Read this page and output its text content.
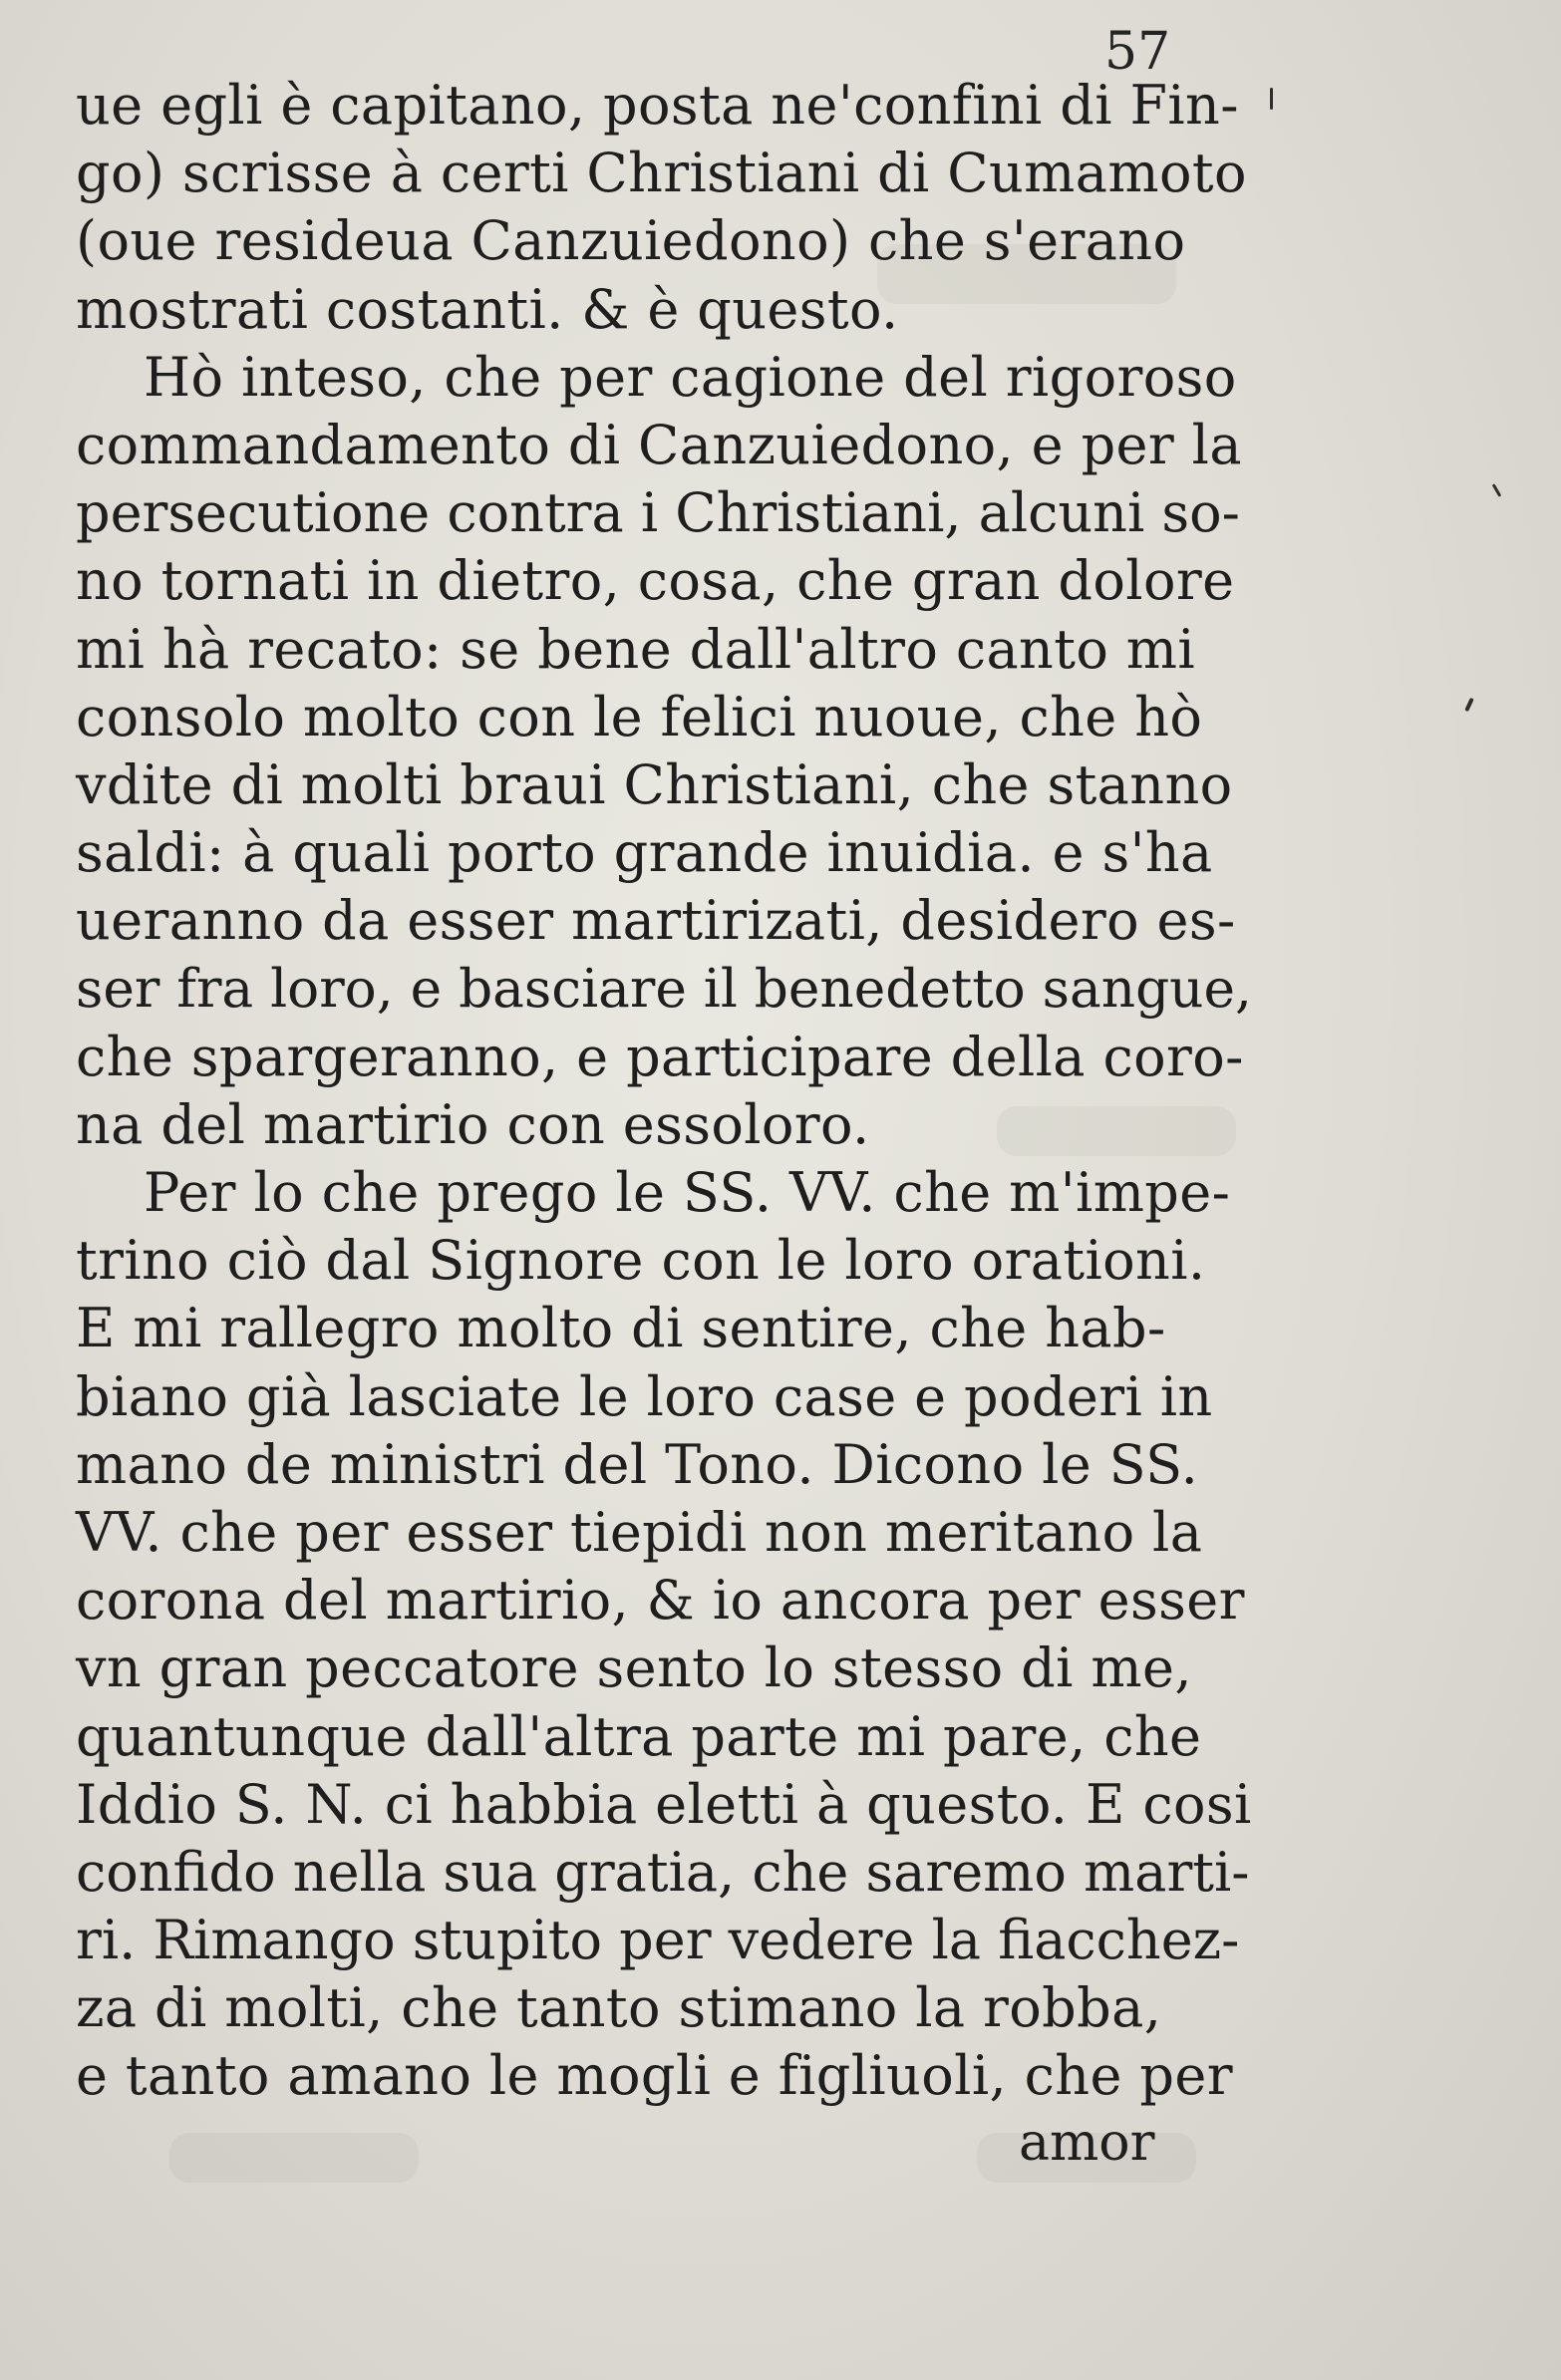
57
ue egli è capitano, posta ne'confini di Fin-
go) scrisse à certi Christiani di Cumamoto
(oue resideua Canzuiedono) che s'erano
mostrati costanti. & è questo.
Hò inteso, che per cagione del rigoroso
commandamento di Canzuiedono, e per la
persecutione contra i Christiani, alcuni so-
no tornati in dietro, cosa, che gran dolore
mi hà recato: se bene dall'altro canto mi
consolo molto con le felici nuoue, che hò
vdite di molti braui Christiani, che stanno
saldi: à quali porto grande inuidia. e s'ha
ueranno da esser martirizati, desidero es-
ser fra loro, e basciare il benedetto sangue,
che spargeranno, e participare della coro-
na del martirio con essoloro.
Per lo che prego le SS. VV. che m'impe-
trino ciò dal Signore con le loro orationi.
E mi rallegro molto di sentire, che hab-
biano già lasciate le loro case e poderi in
mano de ministri del Tono. Dicono le SS.
VV. che per esser tiepidi non meritano la
corona del martirio, & io ancora per esser
vn gran peccatore sento lo stesso di me,
quantunque dall'altra parte mi pare, che
Iddio S. N. ci habbia eletti à questo. E cosi
confido nella sua gratia, che saremo marti-
ri. Rimango stupito per vedere la fiacchez-
za di molti, che tanto stimano la robba,
e tanto amano le mogli e figliuoli, che per
amor
